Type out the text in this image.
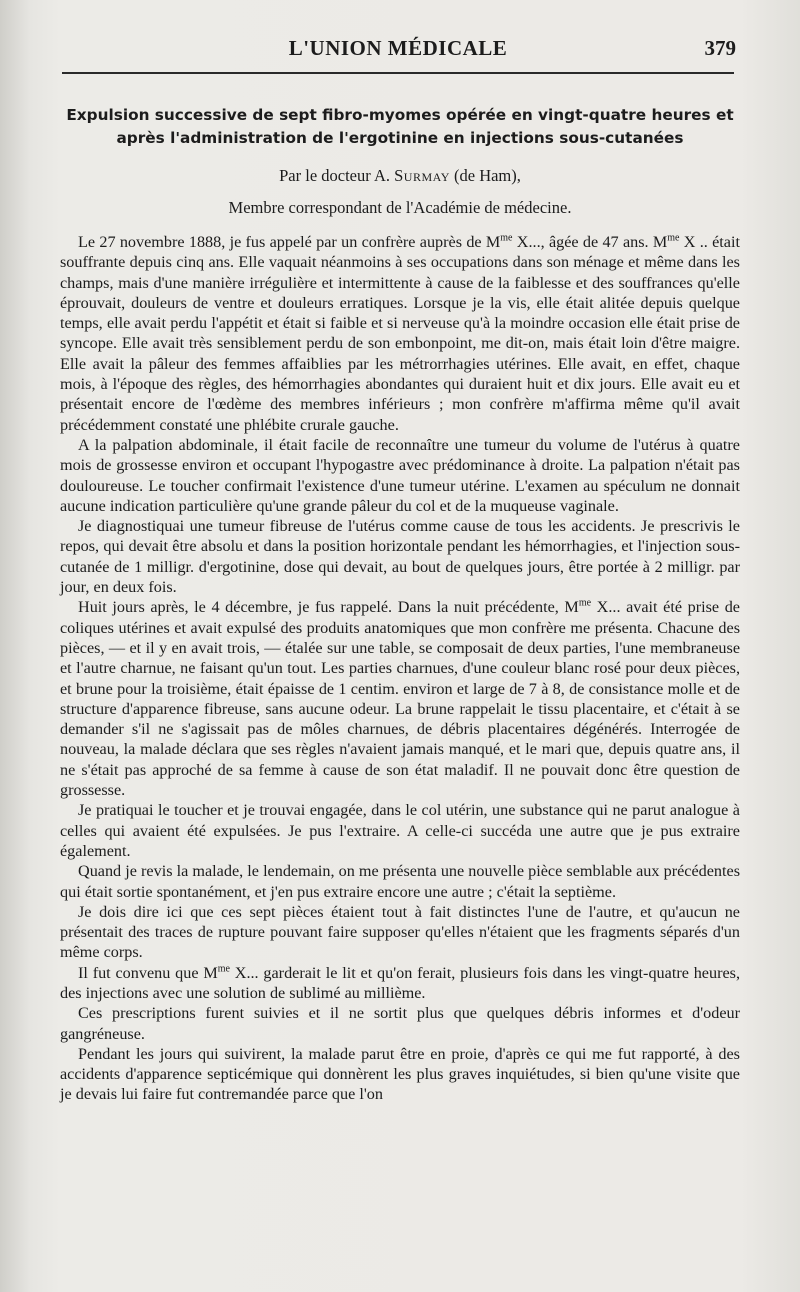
L'UNION MÉDICALE	379
Expulsion successive de sept fibro-myomes opérée en vingt-quatre heures et après l'administration de l'ergotinine en injections sous-cutanées
Par le docteur A. Surmay (de Ham),
Membre correspondant de l'Académie de médecine.

Le 27 novembre 1888, je fus appelé par un confrère auprès de $M^{me}$ X..., âgée de 47 ans. $M^{me}$ X .. était souffrante depuis cinq ans. Elle vaquait néanmoins à ses occupations dans son ménage et même dans les champs, mais d'une manière irrégulière et intermittente à cause de la faiblesse et des souffrances qu'elle éprouvait, douleurs de ventre et douleurs erratiques. Lorsque je la vis, elle était alitée depuis quelque temps, elle avait perdu l'appétit et était si faible et si nerveuse qu'à la moindre occasion elle était prise de syncope. Elle avait très sensiblement perdu de son embonpoint, me dit-on, mais était loin d'être maigre. Elle avait la pâleur des femmes affaiblies par les métrorrhagies utérines. Elle avait, en effet, chaque mois, à l'époque des règles, des hémorrhagies abondantes qui duraient huit et dix jours. Elle avait eu et présentait encore de l'œdème des membres inférieurs ; mon confrère m'affirma même qu'il avait précédemment constaté une phlébite crurale gauche.

A la palpation abdominale, il était facile de reconnaître une tumeur du volume de l'utérus à quatre mois de grossesse environ et occupant l'hypogastre avec prédominance à droite. La palpation n'était pas douloureuse. Le toucher confirmait l'existence d'une tumeur utérine. L'examen au spéculum ne donnait aucune indication particulière qu'une grande pâleur du col et de la muqueuse vaginale.

Je diagnostiquai une tumeur fibreuse de l'utérus comme cause de tous les accidents. Je prescrivis le repos, qui devait être absolu et dans la position horizontale pendant les hémorrhagies, et l'injection sous-cutanée de 1 milligr. d'ergotinine, dose qui devait, au bout de quelques jours, être portée à 2 milligr. par jour, en deux fois.

Huit jours après, le 4 décembre, je fus rappelé. Dans la nuit précédente, $M^{me}$ X... avait été prise de coliques utérines et avait expulsé des produits anatomiques que mon confrère me présenta. Chacune des pièces, — et il y en avait trois, — étalée sur une table, se composait de deux parties, l'une membraneuse et l'autre charnue, ne faisant qu'un tout. Les parties charnues, d'une couleur blanc rosé pour deux pièces, et brune pour la troisième, était épaisse de 1 centim. environ et large de 7 à 8, de consistance molle et de structure d'apparence fibreuse, sans aucune odeur. La brune rappelait le tissu placentaire, et c'était à se demander s'il ne s'agissait pas de môles charnues, de débris placentaires dégénérés. Interrogée de nouveau, la malade déclara que ses règles n'avaient jamais manqué, et le mari que, depuis quatre ans, il ne s'était pas approché de sa femme à cause de son état maladif. Il ne pouvait donc être question de grossesse.

Je pratiquai le toucher et je trouvai engagée, dans le col utérin, une substance qui ne parut analogue à celles qui avaient été expulsées. Je pus l'extraire. A celle-ci succéda une autre que je pus extraire également.

Quand je revis la malade, le lendemain, on me présenta une nouvelle pièce semblable aux précédentes qui était sortie spontanément, et j'en pus extraire encore une autre ; c'était la septième.

Je dois dire ici que ces sept pièces étaient tout à fait distinctes l'une de l'autre, et qu'aucun ne présentait des traces de rupture pouvant faire supposer qu'elles n'étaient que les fragments séparés d'un même corps.

Il fut convenu que $M^{me}$ X... garderait le lit et qu'on ferait, plusieurs fois dans les vingt-quatre heures, des injections avec une solution de sublimé au millième.

Ces prescriptions furent suivies et il ne sortit plus que quelques débris informes et d'odeur gangréneuse.

Pendant les jours qui suivirent, la malade parut être en proie, d'après ce qui me fut rapporté, à des accidents d'apparence septicémique qui donnèrent les plus graves inquiétudes, si bien qu'une visite que je devais lui faire fut contremandée parce que l'on
